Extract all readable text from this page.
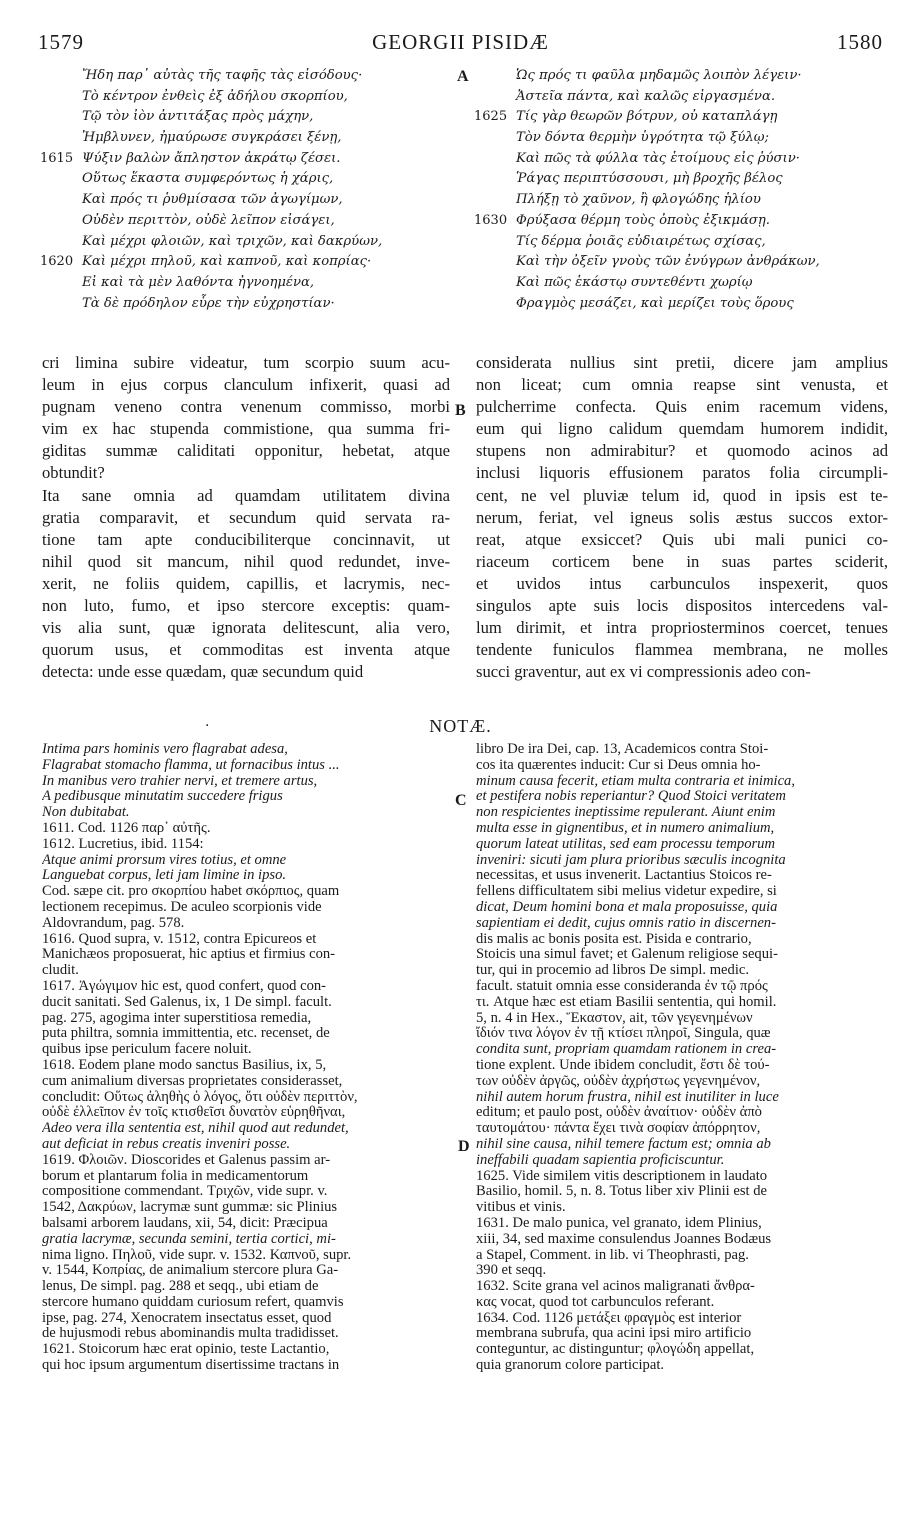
1579	GEORGII PISIDÆ	1580
Ἤδη παρ᾽ αὐτὰς τῆς ταφῆς τὰς εἰσόδους·
Τὸ κέντρον ἐνθεὶς ἐξ ἀδήλου σκορπίου,
Τῷ τὸν ἰὸν ἀντιτάξας πρὸς μάχην,
Ἠμβλυνεν, ἠμαύρωσε συγκράσει ξένῃ,
1615 Ψύξιν βαλὼν ἄπληστον ἀκράτῳ ζέσει.
Οὕτως ἕκαστα συμφερόντως ἡ χάρις,
Καὶ πρός τι ῥυθμίσασα τῶν ἀγωγίμων,
Οὐδὲν περιττὸν, οὐδὲ λεῖπον εἰσάγει,
Καὶ μέχρι φλοιῶν, καὶ τριχῶν, καὶ δακρύων,
1620 Καὶ μέχρι πηλοῦ, καὶ καπνοῦ, καὶ κοπρίας·
Εἰ καὶ τὰ μὲν λαθόντα ἠγνοημένα,
Τὰ δὲ πρόδηλον εὗρε τὴν εὐχρηστίαν·
Ὡς πρός τι φαῦλα μηδαμῶς λοιπὸν λέγειν·
Ἀστεῖα πάντα, καὶ καλῶς εἰργασμένα.
1625 Τίς γὰρ θεωρῶν βότρυν, οὐ καταπλάγῃ
Τὸν δόντα θερμὴν ὑγρότητα τῷ ξύλῳ;
Καὶ πῶς τὰ φύλλα τὰς ἑτοίμους εἰς ῥύσιν·
Ῥάγας περιπτύσσουσι, μὴ βροχῆς βέλος
Πλήξῃ τὸ χαῦνον, ἢ φλογώδης ἡλίου
1630 Φρύξασα θέρμη τοὺς ὀποὺς ἐξικμάσῃ.
Τίς δέρμα ῥοιᾶς εὐδιαιρέτως σχίσας,
Καὶ τὴν ὀξεῖν γνοὺς τῶν ἐνύγρων ἀνθράκων,
Καὶ πῶς ἑκάστῳ συντεθέντι χωρίῳ
Φραγμὸς μεσάζει, καὶ μερίζει τοὺς ὅρους
A
B
C
D
cri limina subire videatur, tum scorpio suum acu-
leum in ejus corpus clanculum infixerit, quasi ad
pugnam veneno contra venenum commisso, morbi
vim ex hac stupenda commistione, qua summa fri-
giditas summæ caliditati opponitur, hebetat, atque
obtundit?
Ita sane omnia ad quamdam utilitatem divina
gratia comparavit, et secundum quid servata ra-
tione tam apte conducibiliterque concinnavit, ut
nihil quod sit mancum, nihil quod redundet, inve-
xerit, ne foliis quidem, capillis, et lacrymis, nec-
non luto, fumo, et ipso stercore exceptis: quam-
vis alia sunt, quæ ignorata delitescunt, alia vero,
quorum usus, et commoditas est inventa atque
detecta: unde esse quædam, quæ secundum quid
considerata nullius sint pretii, dicere jam amplius
non liceat; cum omnia reapse sint venusta, et
pulcherrime confecta. Quis enim racemum videns,
eum qui ligno calidum quemdam humorem indidit,
stupens non admirabitur? et quomodo acinos ad
inclusi liquoris effusionem paratos folia circumpli-
cent, ne vel pluviæ telum id, quod in ipsis est te-
nerum, feriat, vel igneus solis æstus succos extor-
reat, atque exsiccet? Quis ubi mali punici co-
riaceum corticem bene in suas partes sciderit,
et uvidos intus carbunculos inspexerit, quos
singulos apte suis locis dispositos intercedens val-
lum dirimit, et intra propriosterminos coercet, tenues
tendente funiculos flammea membrana, ne molles
succi graventur, aut ex vi compressionis adeo con-
·	NOTÆ.
Intima pars hominis vero flagrabat adesa,
Flagrabat stomacho flamma, ut fornacibus intus ...
In manibus vero trahier nervi, et tremere artus,
A pedibusque minutatim succedere frigus
Non dubitabat.
1611. Cod. 1126 παρ᾽ αὐτῆς.
1612. Lucretius, ibid. 1154:
Atque animi prorsum vires totius, et omne
Languebat corpus, leti jam limine in ipso.
Cod. sæpe cit. pro σκορπίου habet σκόρπιος, quam
lectionem recepimus. De aculeo scorpionis vide
Aldovrandum, pag. 578.
1616. Quod supra, v. 1512, contra Epicureos et
Manichæos proposuerat, hic aptius et firmius con-
cludit.
1617. Ἀγώγιμον hic est, quod confert, quod con-
ducit sanitati. Sed Galenus, ix, 1 De simpl. facult.
pag. 275, agogima inter superstitiosa remedia,
puta philtra, somnia immittentia, etc. recenset, de
quibus ipse periculum facere noluit.
1618. Eodem plane modo sanctus Basilius, ix, 5,
cum animalium diversas proprietates considerasset,
concludit: Οὕτως ἀληθὴς ὁ λόγος, ὅτι οὐδὲν περιττὸν,
οὐδὲ ἐλλεῖπον ἐν τοῖς κτισθεῖσι δυνατὸν εὑρηθῆναι,
Adeo vera illa sententia est, nihil quod aut redundet,
aut deficiat in rebus creatis inveniri posse.
1619. Φλοιῶν. Dioscorides et Galenus passim ar-
borum et plantarum folia in medicamentorum
compositione commendant. Τριχῶν, vide supr. v.
1542, Δακρύων, lacrymæ sunt gummæ: sic Plinius
balsami arborem laudans, xii, 54, dicit: Præcipua
gratia lacrymæ, secunda semini, tertia cortici, mi-
nima ligno. Πηλοῦ, vide supr. v. 1532. Καπνοῦ, supr.
v. 1544, Κοπρίας, de animalium stercore plura Ga-
lenus, De simpl. pag. 288 et seqq., ubi etiam de
stercore humano quiddam curiosum refert, quamvis
ipse, pag. 274, Xenocratem insectatus esset, quod
de hujusmodi rebus abominandis multa tradidisset.
1621. Stoicorum hæc erat opinio, teste Lactantio,
qui hoc ipsum argumentum disertissime tractans in
libro De ira Dei, cap. 13, Academicos contra Stoi-
cos ita quærentes inducit: Cur si Deus omnia ho-
minum causa fecerit, etiam multa contraria et inimica,
et pestifera nobis reperiantur? Quod Stoici veritatem
non respicientes ineptissime repulerant. Aiunt enim
multa esse in gignentibus, et in numero animalium,
quorum lateat utilitas, sed eam processu temporum
inveniri: sicuti jam plura prioribus sæculis incognita
necessitas, et usus invenerit. Lactantius Stoicos re-
fellens difficultatem sibi melius videtur expedire, si
dicat, Deum homini bona et mala proposuisse, quia
sapientiam ei dedit, cujus omnis ratio in discernen-
dis malis ac bonis posita est. Pisida e contrario,
Stoicis una simul favet; et Galenum religiose sequi-
tur, qui in procemio ad libros De simpl. medic.
facult. statuit omnia esse consideranda ἐν τῷ πρός
τι. Atque hæc est etiam Basilii sententia, qui homil.
5, n. 4 in Hex., Ἕκαστον, ait, τῶν γεγενημένων
ἴδιόν τινα λόγον ἐν τῇ κτίσει πληροῖ, Singula, quæ
condita sunt, propriam quamdam rationem in crea-
tione explent. Unde ibidem concludit, ἔστι δὲ τού-
των οὐδὲν ἀργῶς, οὐδὲν ἀχρήστως γεγενημένον,
nihil autem horum frustra, nihil est inutiliter in luce
editum; et paulo post, οὐδὲν ἀναίτιον· οὐδὲν ἀπὸ
ταυτομάτου· πάντα ἔχει τινὰ σοφίαν ἀπόρρητον,
nihil sine causa, nihil temere factum est; omnia ab
ineffabili quadam sapientia proficiscuntur.
1625. Vide similem vitis descriptionem in laudato
Basilio, homil. 5, n. 8. Totus liber xiv Plinii est de
vitibus et vinis.
1631. De malo punica, vel granato, idem Plinius,
xiii, 34, sed maxime consulendus Joannes Bodæus
a Stapel, Comment. in lib. vi Theophrasti, pag.
390 et seqq.
1632. Scite grana vel acinos maligranati ἄνθρα-
κας vocat, quod tot carbunculos referant.
1634. Cod. 1126 μετάξει φραγμὸς est interior
membrana subrufa, qua acini ipsi miro artificio
conteguntur, ac distinguntur; φλογώδη appellat,
quia granorum colore participat.
